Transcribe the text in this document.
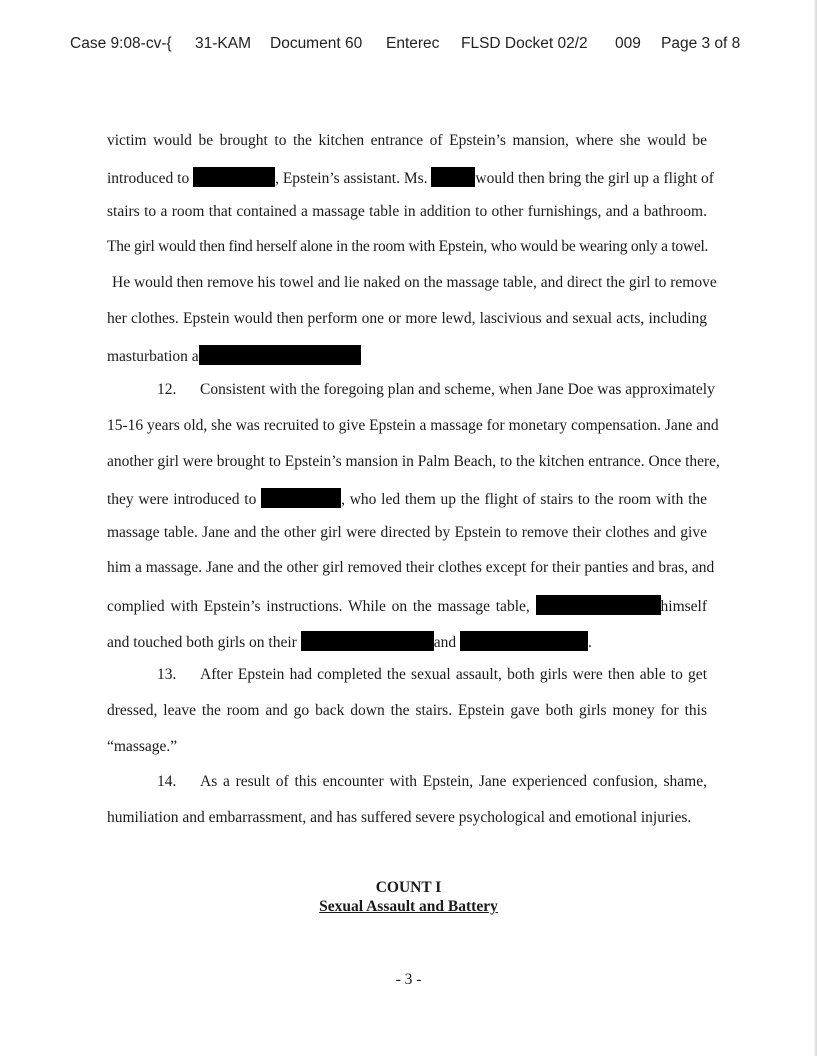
Case 9:08-cv-{ 31-KAM Document 60 Enterec FLSD Docket 02/2 009 Page 3 of 8
victim would be brought to the kitchen entrance of Epstein’s mansion, where she would be
introduced to	, Epstein’s assistant. Ms.	would then bring the girl up a flight of
stairs to a room that contained a massage table in addition to other furnishings, and a bathroom.
The girl would then find herself alone in the room with Epstein, who would be wearing only a towel.
He would then remove his towel and lie naked on the massage table, and direct the girl to remove
her clothes. Epstein would then perform one or more lewd, lascivious and sexual acts, including
masturbation a
12. Consistent with the foregoing plan and scheme, when Jane Doe was approximately
15-16 years old, she was recruited to give Epstein a massage for monetary compensation. Jane and
another girl were brought to Epstein’s mansion in Palm Beach, to the kitchen entrance. Once there,
they were introduced to	, who led them up the flight of stairs to the room with the
massage table. Jane and the other girl were directed by Epstein to remove their clothes and give
him a massage. Jane and the other girl removed their clothes except for their panties and bras, and
complied with Epstein’s instructions. While on the massage table,	himself
and touched both girls on their	and	.
13. After Epstein had completed the sexual assault, both girls were then able to get
dressed, leave the room and go back down the stairs. Epstein gave both girls money for this
“massage.”
14. As a result of this encounter with Epstein, Jane experienced confusion, shame,
humiliation and embarrassment, and has suffered severe psychological and emotional injuries.
COUNT I
Sexual Assault and Battery
- 3 -
